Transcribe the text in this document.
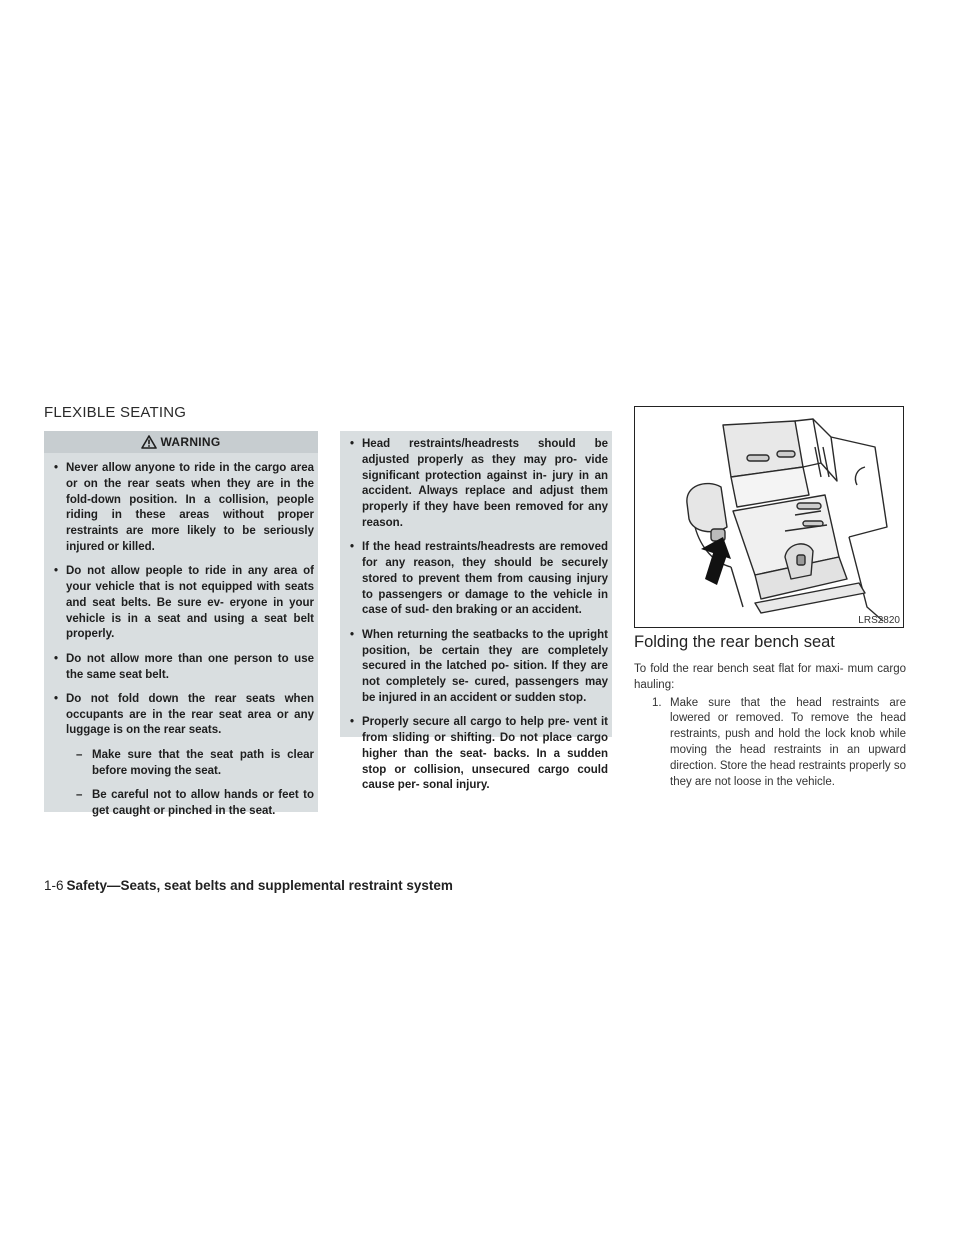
FLEXIBLE SEATING
WARNING
• Never allow anyone to ride in the cargo area or on the rear seats when they are in the fold-down position. In a collision, people riding in these areas without proper restraints are more likely to be seriously injured or killed.
• Do not allow people to ride in any area of your vehicle that is not equipped with seats and seat belts. Be sure ev- eryone in your vehicle is in a seat and using a seat belt properly.
• Do not allow more than one person to use the same seat belt.
• Do not fold down the rear seats when occupants are in the rear seat area or any luggage is on the rear seats.
– Make sure that the seat path is clear before moving the seat.
– Be careful not to allow hands or feet to get caught or pinched in the seat.
• Head restraints/headrests should be adjusted properly as they may pro- vide significant protection against in- jury in an accident. Always replace and adjust them properly if they have been removed for any reason.
• If the head restraints/headrests are removed for any reason, they should be securely stored to prevent them from causing injury to passengers or damage to the vehicle in case of sud- den braking or an accident.
• When returning the seatbacks to the upright position, be certain they are completely secured in the latched po- sition. If they are not completely se- cured, passengers may be injured in an accident or sudden stop.
• Properly secure all cargo to help pre- vent it from sliding or shifting. Do not place cargo higher than the seat- backs. In a sudden stop or collision, unsecured cargo could cause per- sonal injury.
LRS2820
Folding the rear bench seat
To fold the rear bench seat flat for maxi- mum cargo hauling:
1. Make sure that the head restraints are lowered or removed. To remove the head restraints, push and hold the lock knob while moving the head restraints in an upward direction. Store the head restraints properly so they are not loose in the vehicle.
1-6 Safety—Seats, seat belts and supplemental restraint system
